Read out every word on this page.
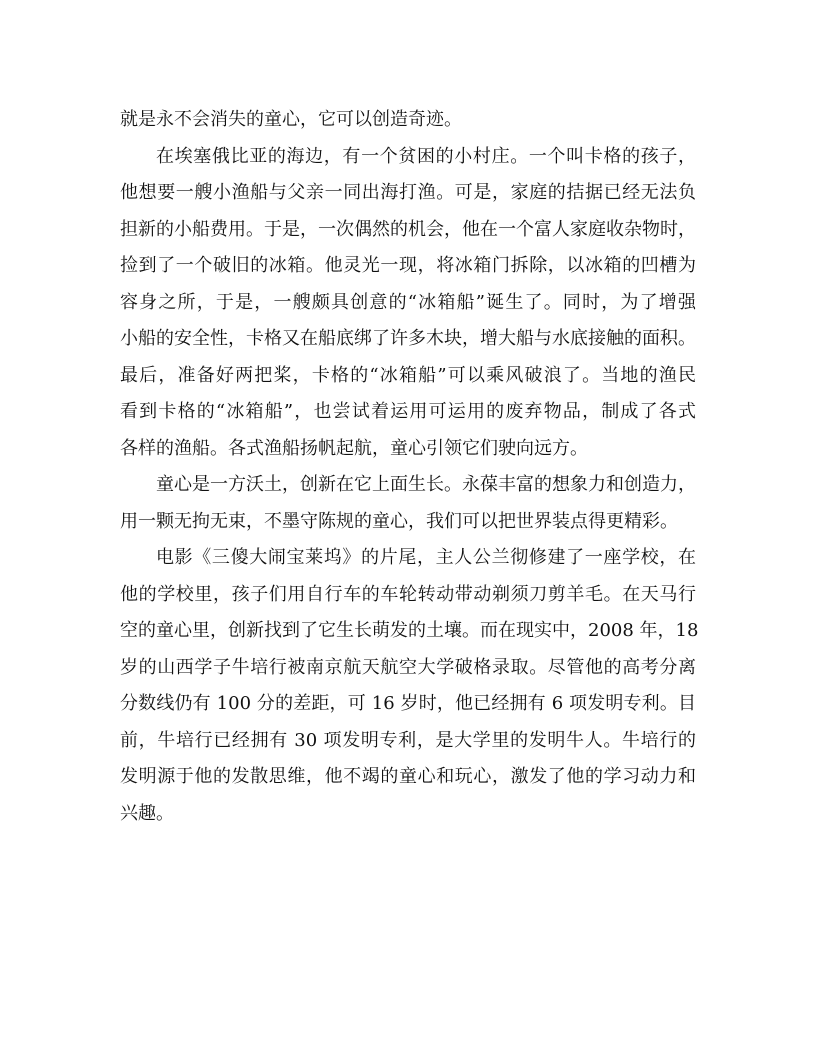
就是永不会消失的童心，它可以创造奇迹。
在埃塞俄比亚的海边，有一个贫困的小村庄。一个叫卡格的孩子，
他想要一艘小渔船与父亲一同出海打渔。可是，家庭的拮据已经无法负
担新的小船费用。于是，一次偶然的机会，他在一个富人家庭收杂物时，
捡到了一个破旧的冰箱。他灵光一现，将冰箱门拆除，以冰箱的凹槽为
容身之所，于是，一艘颇具创意的“冰箱船”诞生了。同时，为了增强
小船的安全性，卡格又在船底绑了许多木块，增大船与水底接触的面积。
最后，准备好两把桨，卡格的“冰箱船”可以乘风破浪了。当地的渔民
看到卡格的“冰箱船”，也尝试着运用可运用的废弃物品，制成了各式
各样的渔船。各式渔船扬帆起航，童心引领它们驶向远方。
童心是一方沃土，创新在它上面生长。永葆丰富的想象力和创造力，
用一颗无拘无束，不墨守陈规的童心，我们可以把世界装点得更精彩。
电影《三傻大闹宝莱坞》的片尾，主人公兰彻修建了一座学校，在
他的学校里，孩子们用自行车的车轮转动带动剃须刀剪羊毛。在天马行
空的童心里，创新找到了它生长萌发的土壤。而在现实中，2008 年，18
岁的山西学子牛培行被南京航天航空大学破格录取。尽管他的高考分离
分数线仍有 100 分的差距，可 16 岁时，他已经拥有 6 项发明专利。目
前，牛培行已经拥有 30 项发明专利，是大学里的发明牛人。牛培行的
发明源于他的发散思维，他不竭的童心和玩心，激发了他的学习动力和
兴趣。
